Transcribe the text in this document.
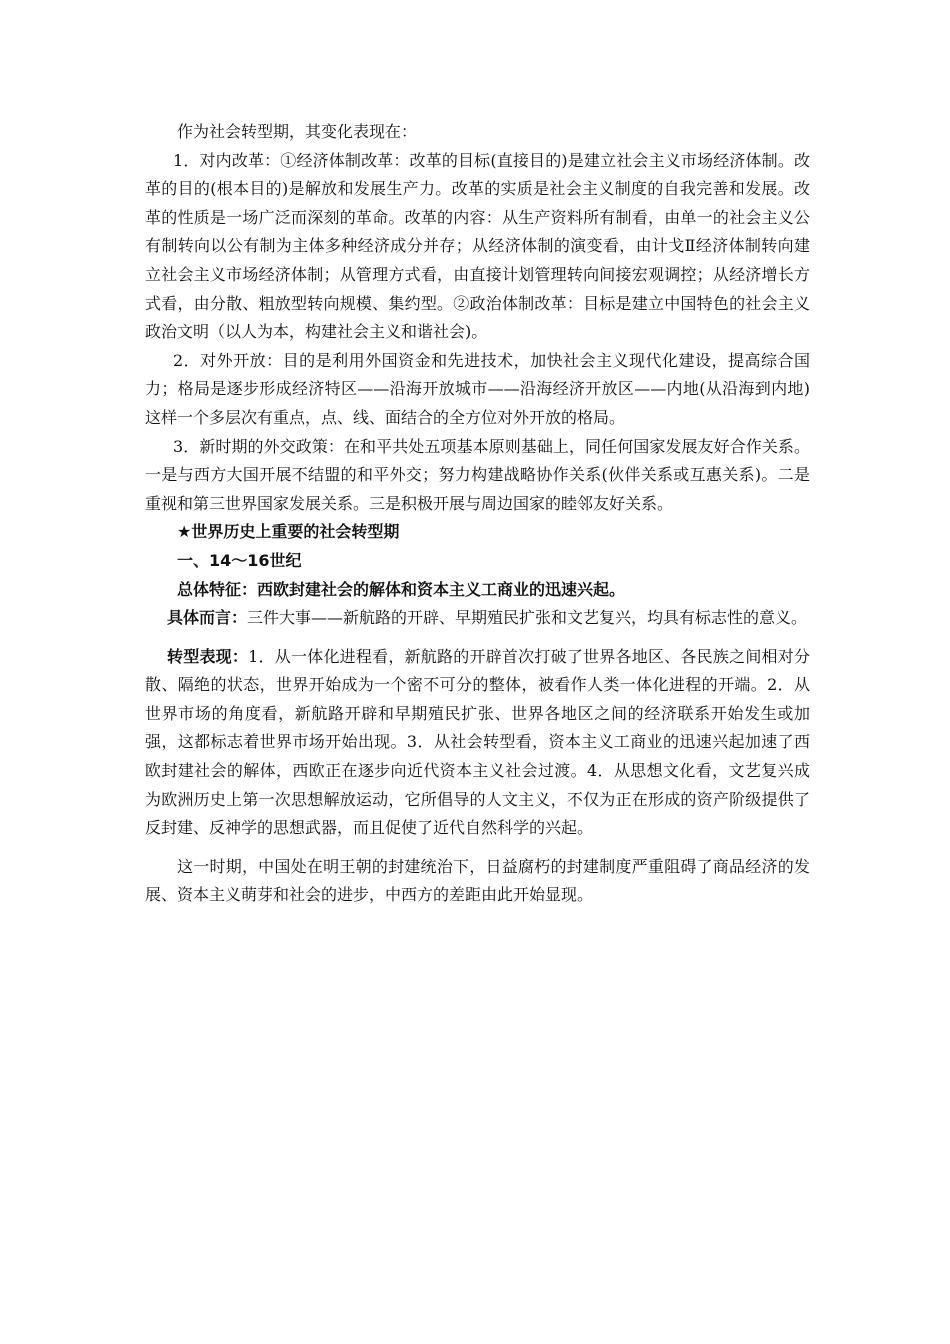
作为社会转型期，其变化表现在：

1．对内改革：①经济体制改革：改革的目标(直接目的)是建立社会主义市场经济体制。改革的目的(根本目的)是解放和发展生产力。改革的实质是社会主义制度的自我完善和发展。改革的性质是一场广泛而深刻的革命。改革的内容：从生产资料所有制看，由单一的社会主义公有制转向以公有制为主体多种经济成分并存；从经济体制的演变看，由计戈Ⅱ经济体制转向建立社会主义市场经济体制；从管理方式看，由直接计划管理转向间接宏观调控；从经济增长方式看，由分散、粗放型转向规模、集约型。②政治体制改革：目标是建立中国特色的社会主义政治文明（以人为本，构建社会主义和谐社会)。

2．对外开放：目的是利用外国资金和先进技术，加快社会主义现代化建设，提高综合国力；格局是逐步形成经济特区——沿海开放城市——沿海经济开放区——内地(从沿海到内地)这样一个多层次有重点，点、线、面结合的全方位对外开放的格局。

3．新时期的外交政策：在和平共处五项基本原则基础上，同任何国家发展友好合作关系。一是与西方大国开展不结盟的和平外交；努力构建战略协作关系(伙伴关系或互惠关系)。二是重视和第三世界国家发展关系。三是积极开展与周边国家的睦邻友好关系。

★世界历史上重要的社会转型期

一、14～16世纪

总体特征：西欧封建社会的解体和资本主义工商业的迅速兴起。

具体而言：三件大事——新航路的开辟、早期殖民扩张和文艺复兴，均具有标志性的意义。

转型表现：1．从一体化进程看，新航路的开辟首次打破了世界各地区、各民族之间相对分散、隔绝的状态，世界开始成为一个密不可分的整体，被看作人类一体化进程的开端。2．从世界市场的角度看，新航路开辟和早期殖民扩张、世界各地区之间的经济联系开始发生或加强，这都标志着世界市场开始出现。3．从社会转型看，资本主义工商业的迅速兴起加速了西欧封建社会的解体，西欧正在逐步向近代资本主义社会过渡。4．从思想文化看，文艺复兴成为欧洲历史上第一次思想解放运动，它所倡导的人文主义，不仅为正在形成的资产阶级提供了反封建、反神学的思想武器，而且促使了近代自然科学的兴起。

这一时期，中国处在明王朝的封建统治下，日益腐朽的封建制度严重阻碍了商品经济的发展、资本主义萌芽和社会的进步，中西方的差距由此开始显现。
